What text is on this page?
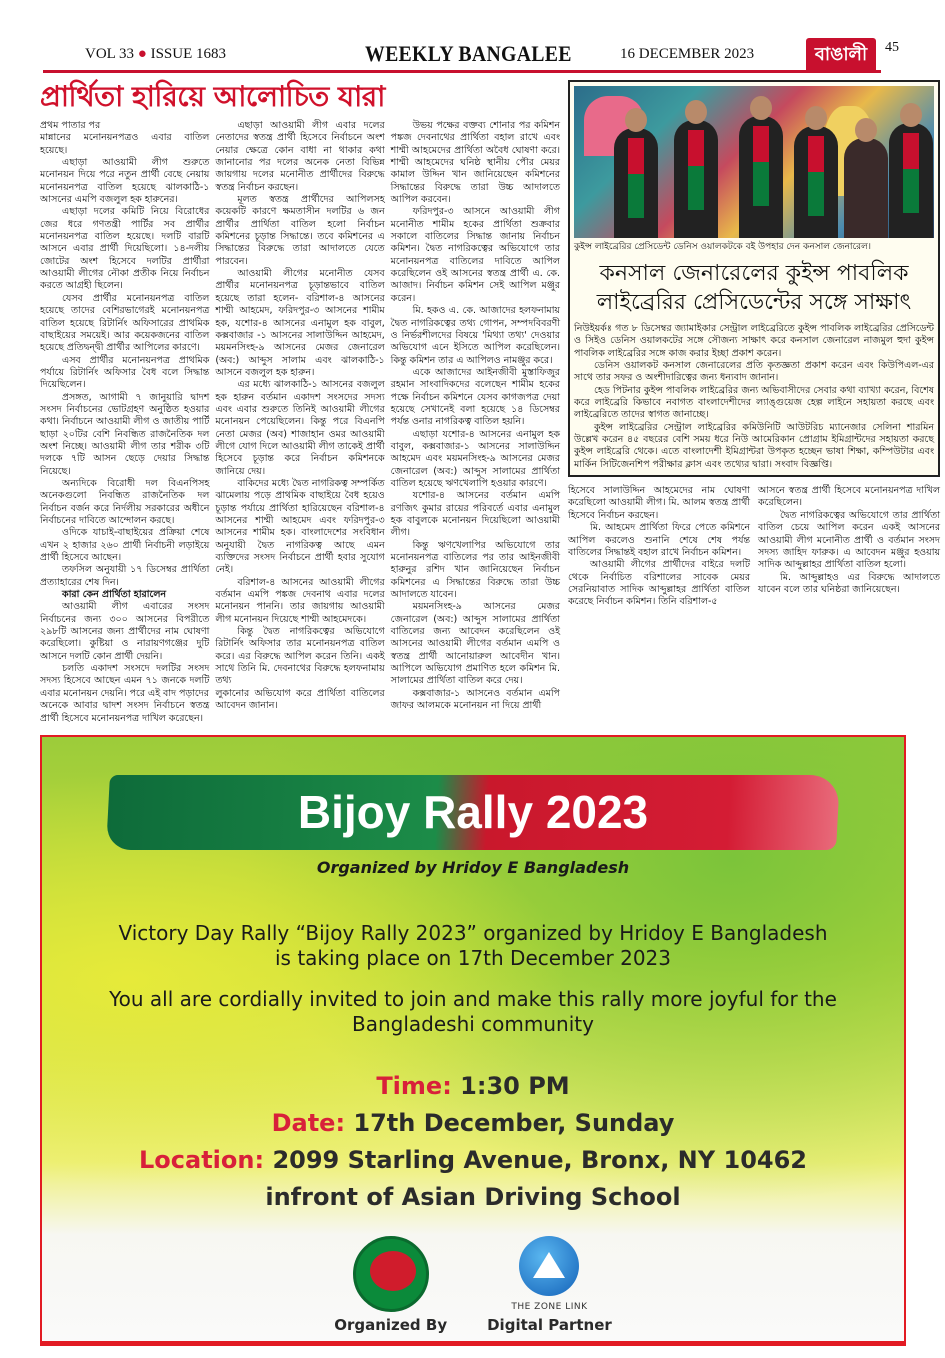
VOL 33 ● ISSUE 1683	WEEKLY BANGALEE	16 DECEMBER 2023	বাঙালী	45
প্রার্থিতা হারিয়ে আলোচিত যারা

প্রথম পাতার পর

মান্নানের মনোনয়নপত্রও এবার বাতিল হয়েছে।

এছাড়া আওয়ামী লীগ শুরুতে মনোনয়ন দিয়ে পরে নতুন প্রার্থী বেছে নেয়ায় মনোনয়নপত্র বাতিল হয়েছে ঝালকাঠি-১ আসনের এমপি বজলুল হক হারুনের।

এছাড়া দলের কমিটি নিয়ে বিরোধের জের ধরে গণতন্ত্রী পার্টির সব প্রার্থীর মনোনয়নপত্র বাতিল হয়েছে। দলটি বারটি আসনে এবার প্রার্থী দিয়েছিলো। ১৪-দলীয় জোটের অংশ হিসেবে দলটির প্রার্থীরা আওয়ামী লীগের নৌকা প্রতীক নিয়ে নির্বাচন করতে আগ্রহী ছিলেন।

যেসব প্রার্থীর মনোনয়নপত্র বাতিল হয়েছে তাদের বেশিরভাগেরই মনোনয়নপত্র বাতিল হয়েছে রিটার্নিং অফিসারের প্রাথমিক বাছাইয়ের সময়েই। আর কয়েকজনের বাতিল হয়েছে প্রতিদ্বন্দ্বী প্রার্থীর আপিলের কারণে।

এসব প্রার্থীর মনোনয়নপত্র প্রাথমিক পর্যায়ে রিটার্নিং অফিসার বৈধ বলে সিদ্ধান্ত দিয়েছিলেন।

প্রসঙ্গত, আগামী ৭ জানুয়ারি দ্বাদশ সংসদ নির্বাচনের ভোটগ্রহণ অনুষ্ঠিত হওয়ার কথা। নির্বাচনে আওয়ামী লীগ ও জাতীয় পার্টি ছাড়া ২০টির বেশি নিবন্ধিত রাজনৈতিক দল অংশ নিচ্ছে। আওয়ামী লীগ তার শরীক ৩টি দলকে ৭টি আসন ছেড়ে দেয়ার সিদ্ধান্ত নিয়েছে।

অন্যদিকে বিরোধী দল বিএনপিসহ অনেকগুলো নিবন্ধিত রাজনৈতিক দল নির্বাচন বর্জন করে নির্দলীয় সরকারের অধীনে নির্বাচনের দাবিতে আন্দোলন করছে।

ওদিকে যাচাই-বাছাইয়ের প্রক্রিয়া শেষে এখন ২ হাজার ২৬০ প্রার্থী নির্বাচনী লড়াইয়ে প্রার্থী হিসেবে আছেন।

তফসিল অনুযায়ী ১৭ ডিসেম্বর প্রার্থিতা প্রত্যাহারের শেষ দিন।

কারা কেন প্রার্থিতা হারালেন

আওয়ামী লীগ এবারের সংসদ নির্বাচনের জন্য ৩০০ আসনের বিপরীতে ২৯৮টি আসনের জন্য প্রার্থীদের নাম ঘোষণা করেছিলো। কুষ্টিয়া ও নারায়ণগঞ্জের দুটি আসনে দলটি কোন প্রার্থী দেয়নি।

চলতি একাদশ সংসদে দলটির সংসদ সদস্য হিসেবে আছেন এমন ৭১ জনকে দলটি এবার মনোনয়ন দেয়নি। পরে এই বাদ পড়াদের

অনেকে আবার দ্বাদশ সংসদ নির্বাচনে স্বতন্ত্র প্রার্থী হিসেবে মনোনয়নপত্র দাখিল করেছেন।

এছাড়া আওয়ামী লীগ এবার দলের নেতাদের স্বতন্ত্র প্রার্থী হিসেবে নির্বাচনে অংশ নেয়ার ক্ষেত্রে কোন বাধা না থাকার কথা জানানোর পর দলের অনেক নেতা বিভিন্ন জায়গায় দলের মনোনীত প্রার্থীদের বিরুদ্ধে স্বতন্ত্র নির্বাচন করছেন।

মূলত স্বতন্ত্র প্রার্থীদের আপিলসহ কয়েকটি কারণে ক্ষমতাসীন দলটির ৬ জন প্রার্থীর প্রার্থিতা বাতিল হলো নির্বাচন কমিশনের চূড়ান্ত সিদ্ধান্তে। তবে কমিশনের এ সিদ্ধান্তের বিরুদ্ধে তারা আদালতে যেতে পারবেন।

আওয়ামী লীগের মনোনীত যেসব প্রার্থীর মনোনয়নপত্র চূড়ান্তভাবে বাতিল হয়েছে তারা হলেন- বরিশাল-৪ আসনের শাম্মী আহমেদ, ফরিদপুর-৩ আসনের শামীম হক, যশোর-৪ আসনের এনামুল হক বাবুল, কক্সবাজার -১ আসনের সালাউদ্দিন আহমেদ, ময়মনসিংহ-৯ আসনের মেজর জেনারেল (অব:) আব্দুস সালাম এবং ঝালকাঠি-১ আসনে বজলুল হক হারুন।

এর মধ্যে ঝালকাঠি-১ আসনের বজলুল হক হারুন বর্তমান একাদশ সংসদের সদস্য এবং এবার শুরুতে তিনিই আওয়ামী লীগের মনোনয়ন পেয়েছিলেন। কিন্তু পরে বিএনপি নেতা মেজর (অব) শাজাহান ওমর আওয়ামী লীগে যোগ দিলে আওয়ামী লীগ তাকেই প্রার্থী হিসেবে চূড়ান্ত করে নির্বাচন কমিশনকে জানিয়ে দেয়।

বাকিদের মধ্যে দ্বৈত নাগরিকত্ব সম্পর্কিত ঝামেলায় পড়ে প্রাথমিক বাছাইয়ে বৈধ হয়েও চূড়ান্ত পর্যায়ে প্রার্থিতা হারিয়েছেন বরিশাল-৪ আসনের শাম্মী আহমেদ এবং ফরিদপুর-৩ আসনের শামীম হক। বাংলাদেশের সংবিধান অনুযায়ী দ্বৈত নাগরিকত্ব আছে এমন ব্যক্তিদের সংসদ নির্বাচনে প্রার্থী হবার সুযোগ নেই।

বরিশাল-৪ আসনের আওয়ামী লীগের বর্তমান এমপি পঙ্কজ দেবনাথ এবার দলের মনোনয়ন পাননি। তার জায়গায় আওয়ামী লীগ মনোনয়ন দিয়েছে শাম্মী আহমেদকে।

কিন্তু দ্বৈত নাগরিকত্বের অভিযোগে রিটার্নিং অফিসার তার মনোনয়নপত্র বাতিল করে। এর বিরুদ্ধে আপিল করেন তিনি। একই সাথে তিনি মি. দেবনাথের বিরুদ্ধে হলফনামায় তথ্য

লুকানোর অভিযোগ করে প্রার্থিতা বাতিলের আবেদন জানান।

উভয় পক্ষের বক্তব্য শোনার পর কমিশন পঙ্কজ দেবনাথের প্রার্থিতা বহাল রাখে এবং শাম্মী আহমেদের প্রার্থিতা অবৈধ ঘোষণা করে। শাম্মী আহমেদের ঘনিষ্ঠ স্থানীয় পৌর মেয়র কামাল উদ্দিন খান জানিয়েছেন কমিশনের সিদ্ধান্তের বিরুদ্ধে তারা উচ্চ আদালতে আপিল করবেন।

ফরিদপুর-৩ আসনে আওয়ামী লীগ মনোনীত শামীম হকের প্রার্থিতা শুক্রবার সকালে বাতিলের সিদ্ধান্ত জানায় নির্বাচন কমিশন। দ্বৈত নাগরিকত্বের অভিযোগে তার মনোনয়নপত্র বাতিলের দাবিতে আপিল করেছিলেন ওই আসনের স্বতন্ত্র প্রার্থী এ. কে. আজাদ। নির্বাচন কমিশন সেই আপিল মঞ্জুর করেন।

মি. হকও এ. কে. আজাদের হলফনামায় দ্বৈত নাগরিকত্বের তথ্য গোপন, সম্পদবিবরণী ও নির্ভরশীলদের বিষয়ে 'মিথ্যা তথ্য' দেওয়ার অভিযোগ এনে ইসিতে আপিল করেছিলেন। কিন্তু কমিশন তার এ আপিলও নামঞ্জুর করে।

একে আজাদের আইনজীবী মুস্তাফিজুর রহমান সাংবাদিকদের বলেছেন শামীম হকের পক্ষে নির্বাচন কমিশনে যেসব কাগজপত্র দেয়া হয়েছে সেখানেই বলা হয়েছে ১৪ ডিসেম্বর পর্যন্ত ওনার নাগরিকত্ব বাতিল হয়নি।

এছাড়া যশোর-৪ আসনের এনামুল হক বাবুল, কক্সবাজার-১ আসনের সালাউদ্দিন আহমেদ এবং ময়মনসিংহ-৯ আসনের মেজর জেনারেল (অব:) আব্দুস সালামের প্রার্থিতা বাতিল হয়েছে ঋণখেলাপি হওয়ার কারণে।

যশোর-৪ আসনের বর্তমান এমপি রণজিৎ কুমার রায়ের পরিবর্তে এবার এনামুল হক বাবুলকে মনোনয়ন দিয়েছিলো আওয়ামী লীগ।

কিন্তু ঋণখেলাপির অভিযোগে তার মনোনয়নপত্র বাতিলের পর তার আইনজীবী হারুনুর রশিদ খান জানিয়েছেন নির্বাচন কমিশনের এ সিদ্ধান্তের বিরুদ্ধে তারা উচ্চ আদালতে যাবেন।

ময়মনসিংহ-৯ আসনের মেজর জেনারেল (অব:) আব্দুস সালামের প্রার্থিতা বাতিলের জন্য আবেদন করেছিলেন ওই আসনের আওয়ামী লীগের বর্তমান এমপি ও স্বতন্ত্র প্রার্থী আনোয়ারুল আবেদীন খান। আপিলে অভিযোগ প্রমাণিত হলে কমিশন মি. সালামের প্রার্থিতা বাতিল করে দেয়।

কক্সবাজার-১ আসনেও বর্তমান এমপি জাফর আলমকে মনোনয়ন না দিয়ে প্রার্থী

কুইন্স লাইব্রেরির প্রেসিডেন্ট ডেনিস ওয়ালকটকে বই উপহার দেন কনসাল জেনারেল।
কনসাল জেনারেলের কুইন্স পাবলিক
লাইব্রেরির প্রেসিডেন্টের সঙ্গে সাক্ষাৎ

নিউইয়র্কঃ গত ৮ ডিসেম্বর জ্যামাইকার সেন্ট্রাল লাইব্রেরিতে কুইন্স পাবলিক লাইব্রেরির প্রেসিডেন্ট ও সিইও ডেনিস ওয়ালকটের সঙ্গে সৌজন্য সাক্ষাৎ করে কনসাল জেনারেল নাজমুল হুদা কুইন্স পাবলিক লাইব্রেরির সঙ্গে কাজ করার ইচ্ছা প্রকাশ করেন।

ডেনিস ওয়ালকট কনসাল জেনারেলের প্রতি কৃতজ্ঞতা প্রকাশ করেন এবং কিউপিএল-এর সাথে তার সফর ও অংশীদারিত্বের জন্য ধন্যবাদ জানান।

হেড পিটনার কুইন্স পাবলিক লাইব্রেরির জন্য অভিবাসীদের সেবার কথা ব্যাখ্যা করেন, বিশেষ করে লাইব্রেরি কিভাবে নবাগত বাংলাদেশীদের ল্যাঙ্গুয়েজ হেল্প লাইনে সহায়তা করছে এবং লাইব্রেরিতে তাদের স্বাগত জানাচ্ছে।

কুইন্স লাইব্রেরির সেন্ট্রাল লাইব্রেরির কমিউনিটি আউটরিচ ম্যানেজার সেলিনা শারমিন উল্লেখ করেন ৪৫ বছরের বেশি সময় ধরে নিউ আমেরিকান প্রোগ্রাম ইমিগ্রান্টদের সহায়তা করছে কুইন্স লাইব্রেরি থেকে। এতে বাংলাদেশী ইমিগ্রান্টরা উপকৃত হচ্ছেন ভাষা শিক্ষা, কম্পিউটার এবং মার্কিন সিটিজেনশিপ পরীক্ষার ক্লাস এবং তথ্যের দ্বারা। সংবাদ বিজ্ঞপ্তি।

হিসেবে সালাউদ্দিন আহমেদের নাম ঘোষণা করেছিলো আওয়ামী লীগ। মি. আলম স্বতন্ত্র প্রার্থী হিসেবে নির্বাচন করছেন।

মি. আহমেদ প্রার্থিতা ফিরে পেতে কমিশনে আপিল করলেও শুনানি শেষে শেষ পর্যন্ত বাতিলের সিদ্ধান্তই বহাল রাখে নির্বাচন কমিশন।

আওয়ামী লীগের প্রার্থীদের বাইরে দলটি থেকে নির্বাচিত বরিশালের সাবেক মেয়র সেরনিয়াবাত সাদিক আব্দুল্লাহর প্রার্থিতা বাতিল করেছে নির্বাচন কমিশন। তিনি বরিশাল-৫

আসনে স্বতন্ত্র প্রার্থী হিসেবে মনোনয়নপত্র দাখিল করেছিলেন।

দ্বৈত নাগরিকত্বের অভিযোগে তার প্রার্থিতা বাতিল চেয়ে আপিল করেন একই আসনের আওয়ামী লীগ মনোনীত প্রার্থী ও বর্তমান সংসদ সদস্য জাহিদ ফারুক। এ আবেদন মঞ্জুর হওয়ায় সাদিক আব্দুল্লাহর প্রার্থিতা বাতিল হলো।

মি. আব্দুল্লাহও এর বিরুদ্ধে আদালতে যাবেন বলে তার ঘনিষ্ঠরা জানিয়েছেন।

Bijoy Rally 2023
Organized by Hridoy E Bangladesh
Victory Day Rally “Bijoy Rally 2023” organized by Hridoy E Bangladesh
is taking place on 17th December 2023
You all are cordially invited to join and make this rally more joyful for the
Bangladeshi community
Time: 1:30 PM
Date: 17th December, Sunday
Location: 2099 Starling Avenue, Bronx, NY 10462
infront of Asian Driving School
Organized By
THE ZONE LINK
Digital Partner
